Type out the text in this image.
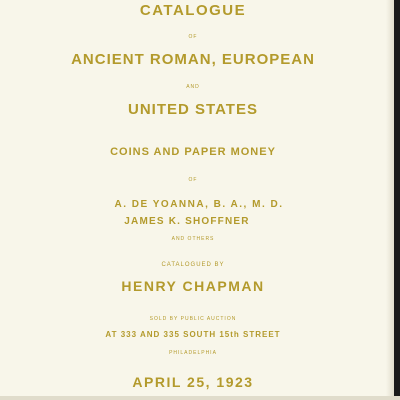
CATALOGUE
OF
ANCIENT ROMAN, EUROPEAN
AND
UNITED STATES
COINS AND PAPER MONEY
OF
A. DE YOANNA, B. A., M. D.
JAMES K. SHOFFNER
AND OTHERS
CATALOGUED BY
HENRY CHAPMAN
SOLD BY PUBLIC AUCTION
AT 333 AND 335 SOUTH 15th STREET
PHILADELPHIA
APRIL 25, 1923
